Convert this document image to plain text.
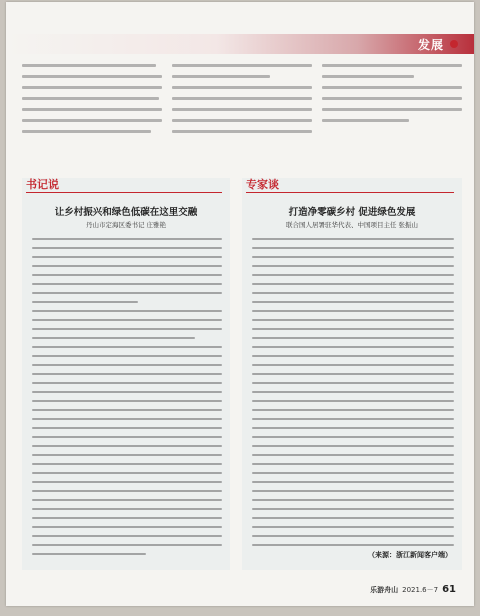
发展
书记说
让乡村振兴和绿色低碳在这里交融
丹山市定海区委书记 庄雅艳
专家谈
打造净零碳乡村 促进绿色发展
联合国人居署驻华代表、中国项目主任 张振山
（来源：浙江新闻客户端）
乐游舟山 2021.6－7 61
